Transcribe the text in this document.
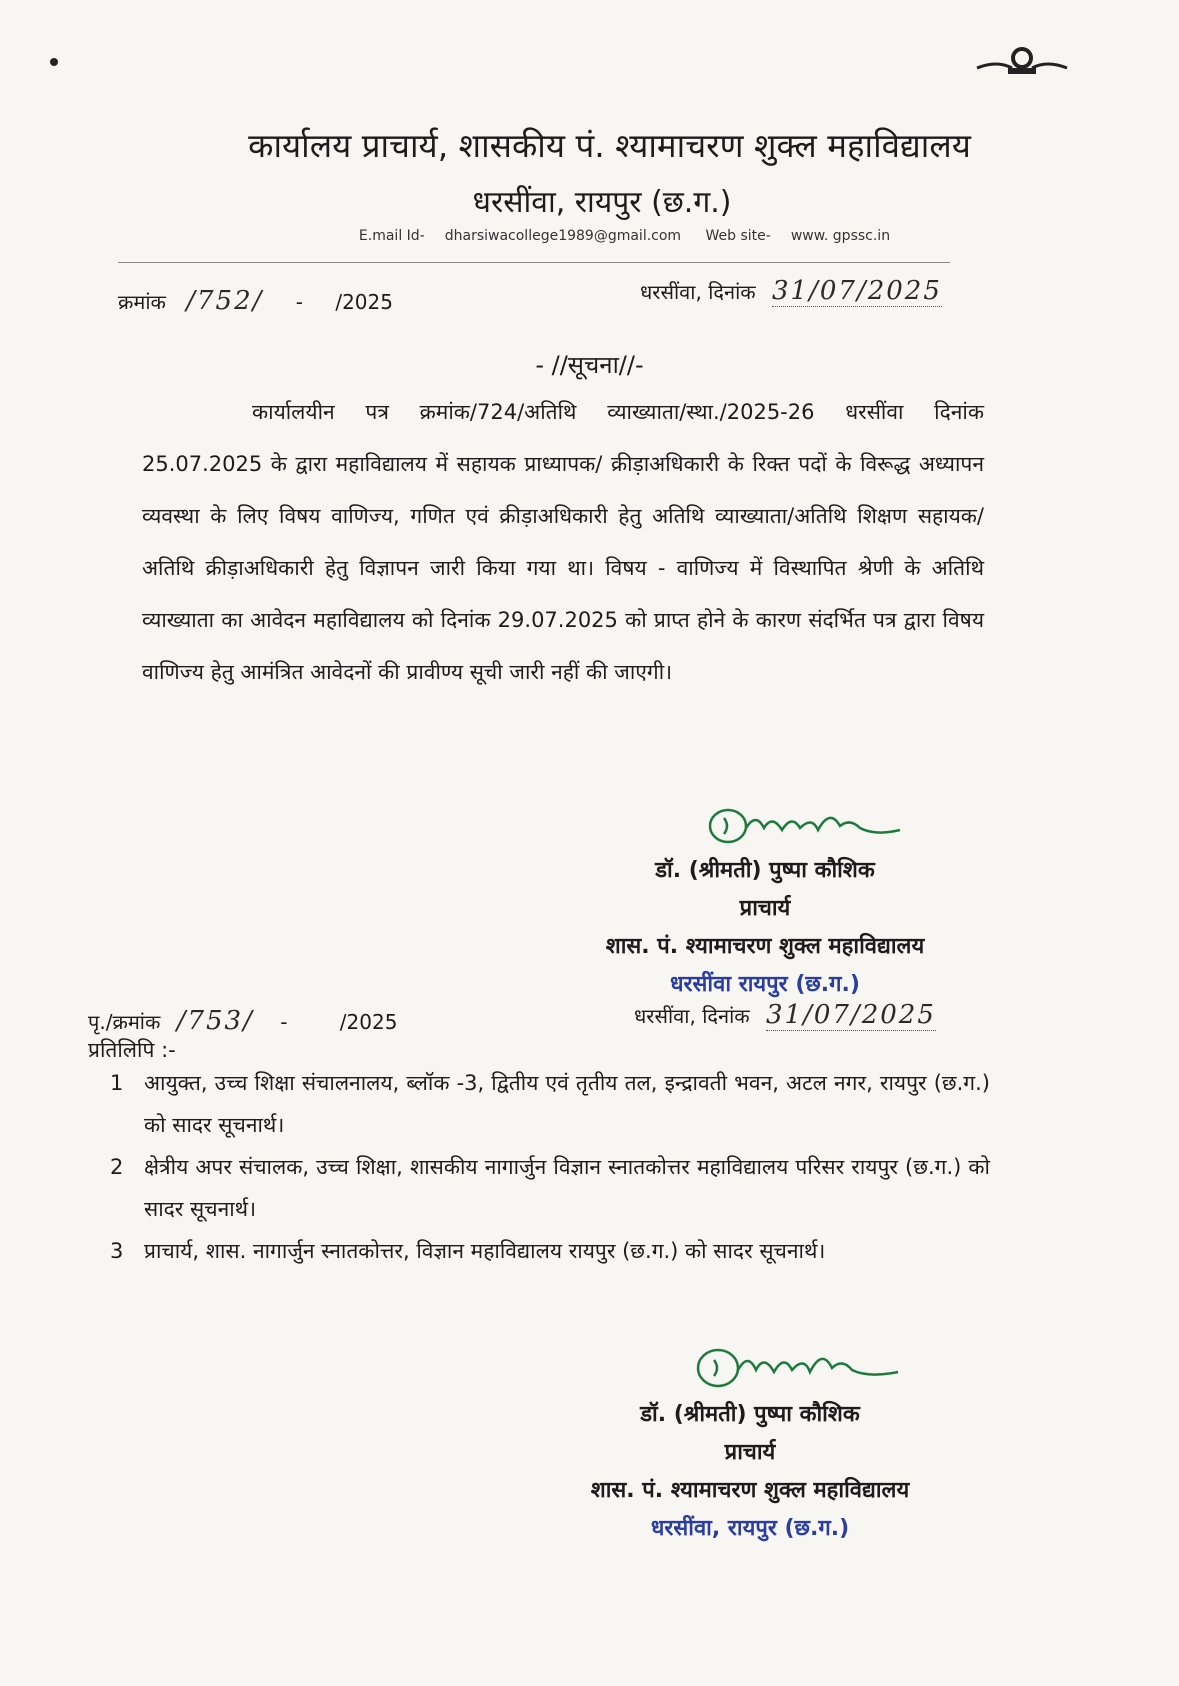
कार्यालय प्राचार्य, शासकीय पं. श्यामाचरण शुक्ल महाविद्यालय
धरसींवा, रायपुर (छ.ग.)
E.mail Id- dharsiwacollege1989@gmail.com Web site- www. gpssc.in
क्रमांक /752/ - /2025	धरसींवा, दिनांक 31/07/2025
- //सूचना//-
कार्यालयीन पत्र क्रमांक/724/अतिथि व्याख्याता/स्था./2025-26 धरसींवा दिनांक 25.07.2025 के द्वारा महाविद्यालय में सहायक प्राध्यापक/ क्रीड़ाअधिकारी के रिक्त पदों के विरूद्ध अध्यापन व्यवस्था के लिए विषय वाणिज्य, गणित एवं क्रीड़ाअधिकारी हेतु अतिथि व्याख्याता/अतिथि शिक्षण सहायक/ अतिथि क्रीड़ाअधिकारी हेतु विज्ञापन जारी किया गया था। विषय - वाणिज्य में विस्थापित श्रेणी के अतिथि व्याख्याता का आवेदन महाविद्यालय को दिनांक 29.07.2025 को प्राप्त होने के कारण संदर्भित पत्र द्वारा विषय वाणिज्य हेतु आमंत्रित आवेदनों की प्रावीण्य सूची जारी नहीं की जाएगी।
डॉ. (श्रीमती) पुष्पा कौशिक
प्राचार्य
शास. पं. श्यामाचरण शुक्ल महाविद्यालय
धरसींवा रायपुर (छ.ग.)
पृ./क्रमांक /753/ -	/2025	धरसींवा, दिनांक 31/07/2025
प्रतिलिपि :-
1 आयुक्त, उच्च शिक्षा संचालनालय, ब्लॉक -3, द्वितीय एवं तृतीय तल, इन्द्रावती भवन, अटल नगर, रायपुर (छ.ग.) को सादर सूचनार्थ।
2 क्षेत्रीय अपर संचालक, उच्च शिक्षा, शासकीय नागार्जुन विज्ञान स्नातकोत्तर महाविद्यालय परिसर रायपुर (छ.ग.) को सादर सूचनार्थ।
3 प्राचार्य, शास. नागार्जुन स्नातकोत्तर, विज्ञान महाविद्यालय रायपुर (छ.ग.) को सादर सूचनार्थ।
डॉ. (श्रीमती) पुष्पा कौशिक
प्राचार्य
शास. पं. श्यामाचरण शुक्ल महाविद्यालय
धरसींवा, रायपुर (छ.ग.)
